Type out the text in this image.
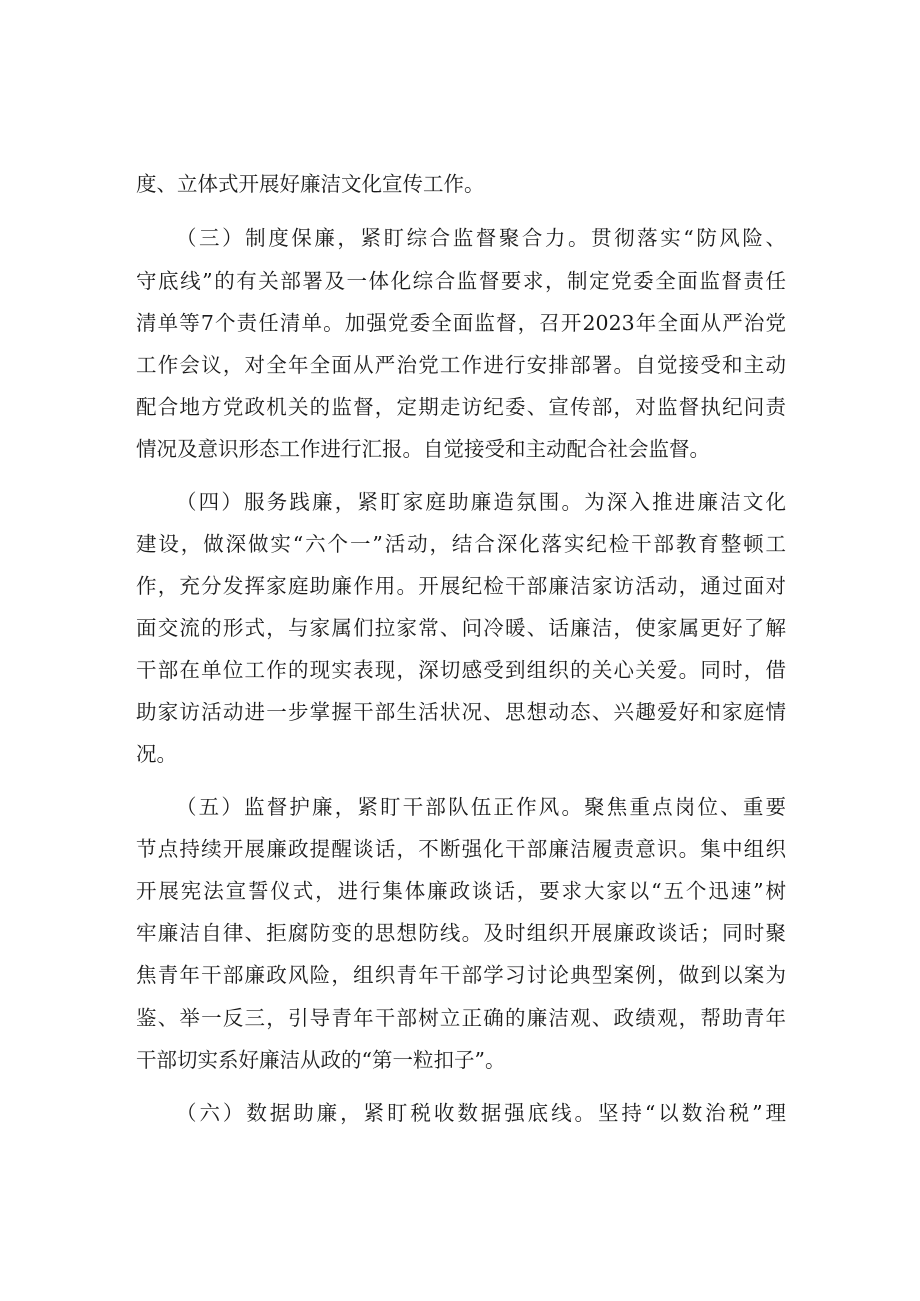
度、立体式开展好廉洁文化宣传工作。
（三）制度保廉，紧盯综合监督聚合力。贯彻落实“防风险、
守底线”的有关部署及一体化综合监督要求，制定党委全面监督责任
清单等7个责任清单。加强党委全面监督，召开2023年全面从严治党
工作会议，对全年全面从严治党工作进行安排部署。自觉接受和主动
配合地方党政机关的监督，定期走访纪委、宣传部，对监督执纪问责
情况及意识形态工作进行汇报。自觉接受和主动配合社会监督。
（四）服务践廉，紧盯家庭助廉造氛围。为深入推进廉洁文化
建设，做深做实“六个一”活动，结合深化落实纪检干部教育整顿工
作，充分发挥家庭助廉作用。开展纪检干部廉洁家访活动，通过面对
面交流的形式，与家属们拉家常、问冷暖、话廉洁，使家属更好了解
干部在单位工作的现实表现，深切感受到组织的关心关爱。同时，借
助家访活动进一步掌握干部生活状况、思想动态、兴趣爱好和家庭情
况。
（五）监督护廉，紧盯干部队伍正作风。聚焦重点岗位、重要
节点持续开展廉政提醒谈话，不断强化干部廉洁履责意识。集中组织
开展宪法宣誓仪式，进行集体廉政谈话，要求大家以“五个迅速”树
牢廉洁自律、拒腐防变的思想防线。及时组织开展廉政谈话；同时聚
焦青年干部廉政风险，组织青年干部学习讨论典型案例，做到以案为
鉴、举一反三，引导青年干部树立正确的廉洁观、政绩观，帮助青年
干部切实系好廉洁从政的“第一粒扣子”。
（六）数据助廉，紧盯税收数据强底线。坚持“以数治税”理
